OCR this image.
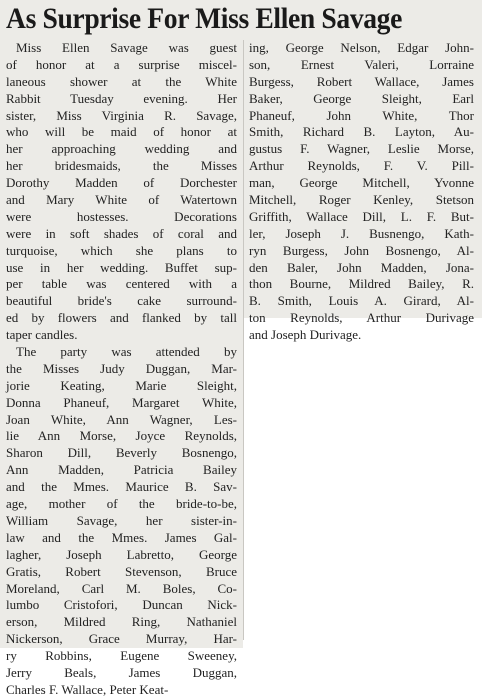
As Surprise For Miss Ellen Savage
Miss Ellen Savage was guest
of honor at a surprise miscel-
laneous shower at the White
Rabbit Tuesday evening. Her
sister, Miss Virginia R. Savage,
who will be maid of honor at
her approaching wedding and
her bridesmaids, the Misses
Dorothy Madden of Dorchester
and Mary White of Watertown
were hostesses. Decorations
were in soft shades of coral and
turquoise, which she plans to
use in her wedding. Buffet sup-
per table was centered with a
beautiful bride's cake surround-
ed by flowers and flanked by tall
taper candles.
The party was attended by
the Misses Judy Duggan, Mar-
jorie Keating, Marie Sleight,
Donna Phaneuf, Margaret White,
Joan White, Ann Wagner, Les-
lie Ann Morse, Joyce Reynolds,
Sharon Dill, Beverly Bosnengo,
Ann Madden, Patricia Bailey
and the Mmes. Maurice B. Sav-
age, mother of the bride-to-be,
William Savage, her sister-in-
law and the Mmes. James Gal-
lagher, Joseph Labretto, George
Gratis, Robert Stevenson, Bruce
Moreland, Carl M. Boles, Co-
lumbo Cristofori, Duncan Nick-
erson, Mildred Ring, Nathaniel
Nickerson, Grace Murray, Har-
ry Robbins, Eugene Sweeney,
Jerry Beals, James Duggan,
Charles F. Wallace, Peter Keat-
ing, George Nelson, Edgar John-
son, Ernest Valeri, Lorraine
Burgess, Robert Wallace, James
Baker, George Sleight, Earl
Phaneuf, John White, Thor
Smith, Richard B. Layton, Au-
gustus F. Wagner, Leslie Morse,
Arthur Reynolds, F. V. Pill-
man, George Mitchell, Yvonne
Mitchell, Roger Kenley, Stetson
Griffith, Wallace Dill, L. F. But-
ler, Joseph J. Busnengo, Kath-
ryn Burgess, John Bosnengo, Al-
den Baler, John Madden, Jona-
thon Bourne, Mildred Bailey, R.
B. Smith, Louis A. Girard, Al-
ton Reynolds, Arthur Durivage
and Joseph Durivage.
